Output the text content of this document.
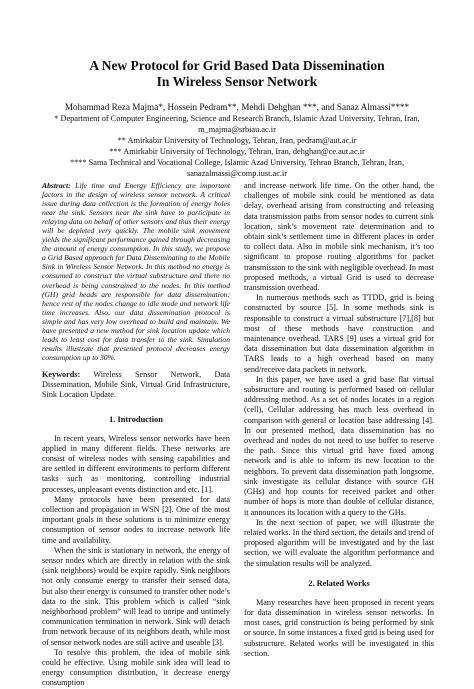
A New Protocol for Grid Based Data Dissemination
In Wireless Sensor Network

Mohammad Reza Majma*, Hossein Pedram**, Mehdi Dehghan ***, and Sanaz Almassi****

* Department of Computer Engineering, Science and Research Branch, Islamic Azad University, Tehran, Iran,

m_majma@srbiau.ac.ir

** Amirkabir University of Technology, Tehran, Iran, pedram@aut.ac.ir

*** Amirkabir University of Technology, Tehran, Iran, dehghan@ce.aut.ac.ir

**** Sama Technical and Vocational College, Islamic Azad University, Tehran Branch, Tehran, Iran,

sanazalmassi@comp.iust.ac.ir

Abstract: Life time and Energy Efficiency are important factors in the design of wireless sensor network. A critical issue during data collection is the formation of energy holes near the sink. Sensors near the sink have to participate in relaying data on behalf of other sensors and thus their energy will be depleted very quickly. The mobile sink movement yields the significant performance gained through decreasing the amount of energy consumption. In this study, we propose a Grid Based approach for Data Disseminating to the Mobile Sink in Wireless Sensor Network. In this method no energy is consumed to construct the virtual substructure and there no overhead is being constrained to the nodes. In this method (GH) grid heads are responsible for data dissemination; hence rest of the nodes change to idle mode and network life time increases. Also, our data dissemination protocol is simple and has very low overhead to build and maintain. We have presented a new method for sink location update which leads to least cost for data transfer to the sink. Simulation results illustrate that presented protocol decreases energy consumption up to 30%.

Keywords: Wireless Sensor Network, Data Dissemination, Mobile Sink, Virtual Grid Infrastructure, Sink Location Update.

1. Introduction

In recent years, Wireless sensor networks have been applied in many different fields. These networks are consist of wireless nodes with sensing capabilities and are settled in different environments to perform different tasks such as monitoring, controlling industrial processes, unpleasant events distinction and etc. [1].

Many protocols have been presented for data collection and propagation in WSN [2]. One of the most important goals in these solutions is to minimize energy consumption of sensor nodes to increase network life time and availability.

When the sink is stationary in network, the energy of sensor nodes which are directly in relation with the sink (sink neighbors) would be expire rapidly. Sink neighbors not only consume energy to transfer their sensed data, but also their energy is consumed to transfer other node’s data to the sink. This problem which is called “sink neighborhood problem” will lead to unripe and untimely communication termination in network. Sink will detach from network because of its neighbors death, while most of sensor network nodes are still active and useable [3].

To resolve this problem, the idea of mobile sink could be effective. Using mobile sink idea will lead to energy consumption distribution, it decrease energy consumption

and increase network life time. On the other hand, the challenges of mobile sink could be mentioned as data delay, overhead arising from constructing and releasing data transmission paths from sensor nodes to current sink location, sink’s movement rate determination and to obtain sink’s settlement time in different places in order to collect data. Also in mobile sink mechanism, it’s too significant to propose routing algorithms for packet transmission to the sink with negligible overhead. In most proposed methods, a virtual Grid is used to decrease transmission overhead.

In numerous methods such as TTDD, grid is being constructed by source [5]. In some methods sink is responsible to construct a virtual substructure [7],[8] but most of these methods have construction and maintenance overhead. TARS [9] uses a virtual grid for data dissemination but data dissemination algorithm in TARS leads to a high overhead based on many send/receive data packets in network.

In this paper, we have used a grid base flat virtual substructure and routing is performed based on cellular addressing method. As a set of nodes locates in a region (cell), Cellular addressing has much less overhead in comparison with general or location base addressing [4]. In our presented method, data dissemination has no overhead and nodes do not need to use buffer to reserve the path. Since this virtual grid have fixed among network and is able to inform its new location to the neighbors. To prevent data dissemination path longsome, sink investigate its cellular distance with source GH (GHs) and hop counts for received packet and other number of hops is more than double of cellular distance, it announces its location with a query to the GHs.

In the next section of paper, we will illustrate the related works. In the third section, the details and trend of proposed algorithm will be investigated and by the last section, we will evaluate the algorithm performance and the simulation results will be analyzed.

2. Related Works

Many researches have been proposed in recent years for data dissemination in wireless sensor networks. In most cases, grid construction is being performed by sink or source. In some instances a fixed grid is being used for substructure. Related works will be investigated in this section.
